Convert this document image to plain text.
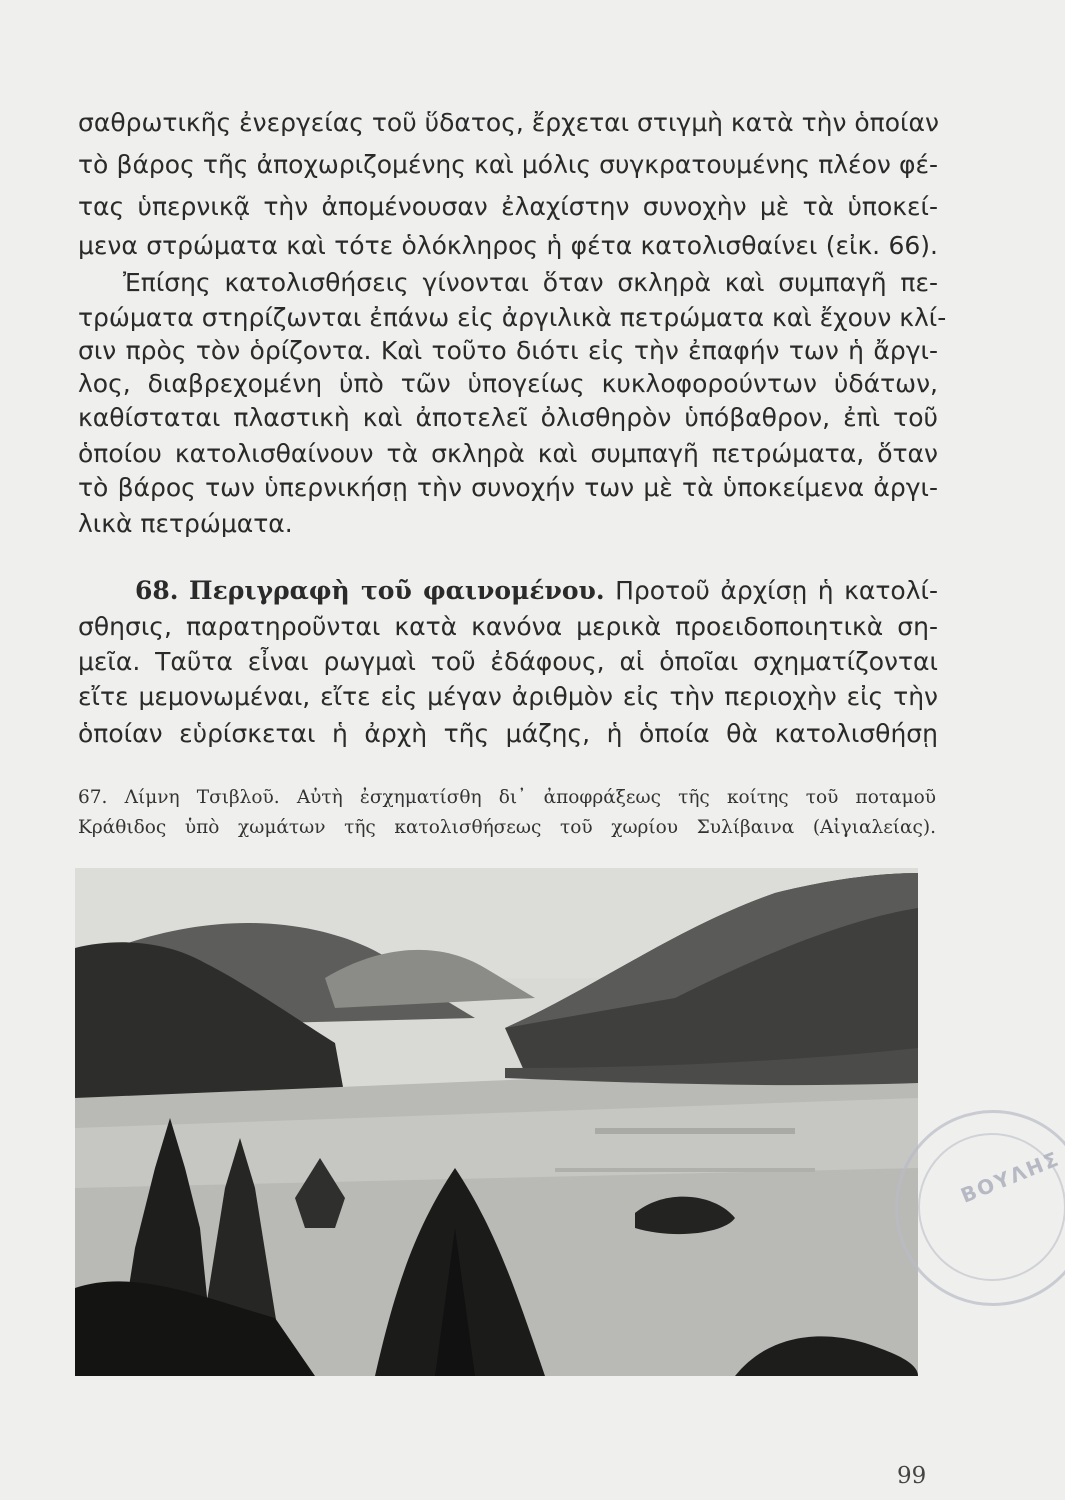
σαθρωτικῆς ἐνεργείας τοῦ ὕδατος, ἔρχεται στιγμὴ κατὰ τὴν ὁποίαν
τὸ βάρος τῆς ἀποχωριζομένης καὶ μόλις συγκρατουμένης πλέον φέ-
τας ὑπερνικᾷ τὴν ἀπομένουσαν ἐλαχίστην συνοχὴν μὲ τὰ ὑποκεί-
μενα στρώματα καὶ τότε ὁλόκληρος ἡ φέτα κατολισθαίνει (εἰκ. 66).
Ἐπίσης κατολισθήσεις γίνονται ὅταν σκληρὰ καὶ συμπαγῆ πε-
τρώματα στηρίζωνται ἐπάνω εἰς ἀργιλικὰ πετρώματα καὶ ἔχουν κλί-
σιν πρὸς τὸν ὁρίζοντα. Καὶ τοῦτο διότι εἰς τὴν ἐπαφήν των ἡ ἄργι-
λος, διαβρεχομένη ὑπὸ τῶν ὑπογείως κυκλοφορούντων ὑδάτων,
καθίσταται πλαστικὴ καὶ ἀποτελεῖ ὀλισθηρὸν ὑπόβαθρον, ἐπὶ τοῦ
ὁποίου κατολισθαίνουν τὰ σκληρὰ καὶ συμπαγῆ πετρώματα, ὅταν
τὸ βάρος των ὑπερνικήσῃ τὴν συνοχήν των μὲ τὰ ὑποκείμενα ἀργι-
λικὰ πετρώματα.
68. Περιγραφὴ τοῦ φαινομένου. Προτοῦ ἀρχίσῃ ἡ κατολί-
σθησις, παρατηροῦνται κατὰ κανόνα μερικὰ προειδοποιητικὰ ση-
μεῖα. Ταῦτα εἶναι ρωγμαὶ τοῦ ἐδάφους, αἱ ὁποῖαι σχηματίζονται
εἴτε μεμονωμέναι, εἴτε εἰς μέγαν ἀριθμὸν εἰς τὴν περιοχὴν εἰς τὴν
ὁποίαν εὑρίσκεται ἡ ἀρχὴ τῆς μάζης, ἡ ὁποία θὰ κατολισθήσῃ
67. Λίμνη Τσιβλοῦ. Αὐτὴ ἐσχηματίσθη δι᾽ ἀποφράξεως τῆς κοίτης τοῦ ποταμοῦ
Κράθιδος ὑπὸ χωμάτων τῆς κατολισθήσεως τοῦ χωρίου Συλίβαινα (Αἰγιαλείας).
ΒΟΥΛΗΣ
99
